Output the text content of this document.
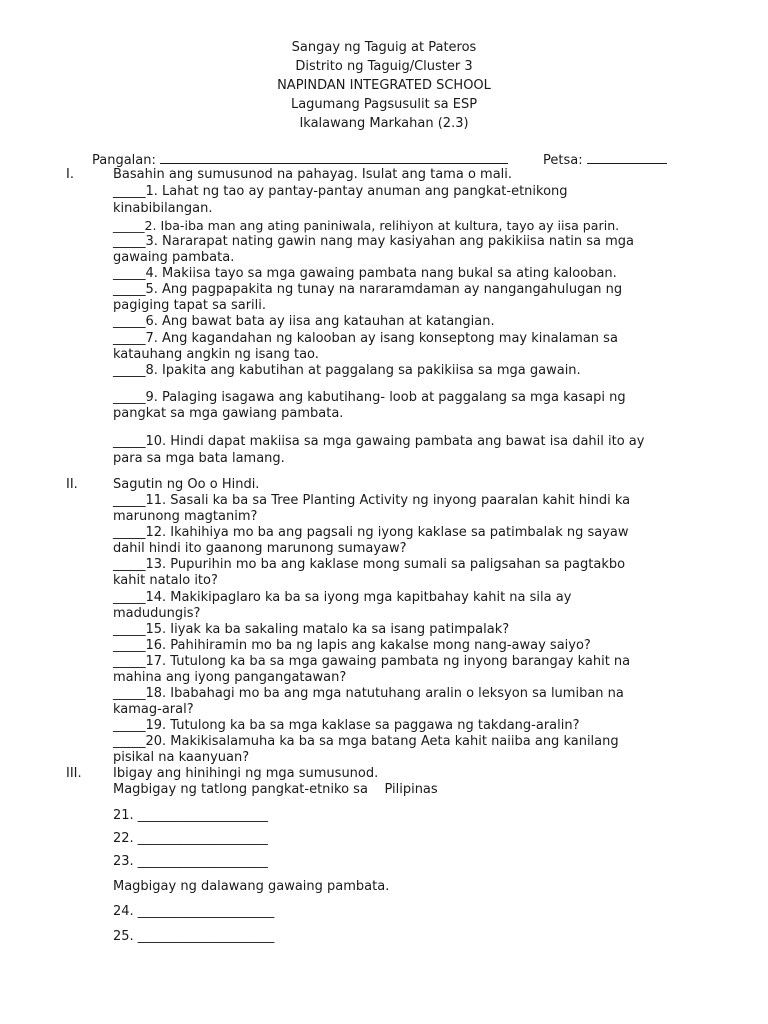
Sangay ng Taguig at Pateros
Distrito ng Taguig/Cluster 3
NAPINDAN INTEGRATED SCHOOL
Lagumang Pagsusulit sa ESP
Ikalawang Markahan (2.3)
Pangalan:	Petsa:
I.	Basahin ang sumusunod na pahayag. Isulat ang tama o mali.
_____1. Lahat ng tao ay pantay-pantay anuman ang pangkat-etnikong
kinabibilangan.
_____2. Iba-iba man ang ating paniniwala, relihiyon at kultura, tayo ay iisa parin.
_____3. Nararapat nating gawin nang may kasiyahan ang pakikiisa natin sa mga
gawaing pambata.
_____4. Makiisa tayo sa mga gawaing pambata nang bukal sa ating kalooban.
_____5. Ang pagpapakita ng tunay na nararamdaman ay nangangahulugan ng
pagiging tapat sa sarili.
_____6. Ang bawat bata ay iisa ang katauhan at katangian.
_____7. Ang kagandahan ng kalooban ay isang konseptong may kinalaman sa
katauhang angkin ng isang tao.
_____8. Ipakita ang kabutihan at paggalang sa pakikiisa sa mga gawain.
_____9. Palaging isagawa ang kabutihang- loob at paggalang sa mga kasapi ng
pangkat sa mga gawiang pambata.
_____10. Hindi dapat makiisa sa mga gawaing pambata ang bawat isa dahil ito ay
para sa mga bata lamang.
II.	Sagutin ng Oo o Hindi.
_____11. Sasali ka ba sa Tree Planting Activity ng inyong paaralan kahit hindi ka
marunong magtanim?
_____12. Ikahihiya mo ba ang pagsali ng iyong kaklase sa patimbalak ng sayaw
dahil hindi ito gaanong marunong sumayaw?
_____13. Pupurihin mo ba ang kaklase mong sumali sa paligsahan sa pagtakbo
kahit natalo ito?
_____14. Makikipaglaro ka ba sa iyong mga kapitbahay kahit na sila ay
madudungis?
_____15. Iiyak ka ba sakaling matalo ka sa isang patimpalak?
_____16. Pahihiramin mo ba ng lapis ang kakalse mong nang-away saiyo?
_____17. Tutulong ka ba sa mga gawaing pambata ng inyong barangay kahit na
mahina ang iyong pangangatawan?
_____18. Ibabahagi mo ba ang mga natutuhang aralin o leksyon sa lumiban na
kamag-aral?
_____19. Tutulong ka ba sa mga kaklase sa paggawa ng takdang-aralin?
_____20. Makikisalamuha ka ba sa mga batang Aeta kahit naiiba ang kanilang
pisikal na kaanyuan?
III. Ibigay ang hinihingi ng mga sumusunod.
Magbigay ng tatlong pangkat-etniko sa    Pilipinas
21. ____________________
22. ____________________
23. ____________________
Magbigay ng dalawang gawaing pambata.
24. _____________________
25. _____________________
